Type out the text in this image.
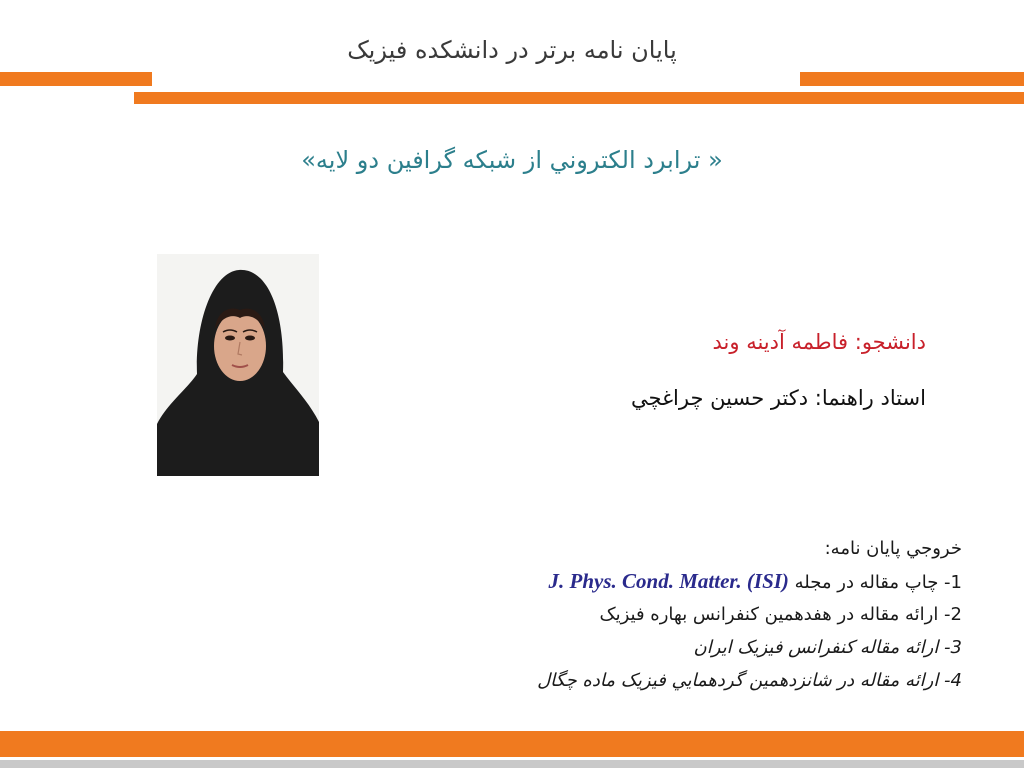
پایان نامه برتر در دانشکده فیزیک
« ترابرد الکتروني از شبکه گرافين دو لايه»
دانشجو: فاطمه آدینه وند
استاد راهنما: دکتر حسین چراغچي
خروجي پایان نامه:
1- چاپ مقاله در مجله J. Phys. Cond. Matter. (ISI)
2- ارائه مقاله در هفدهمین کنفرانس بهاره فیزیک
3- ارائه مقاله کنفرانس فیزیک ایران
4- ارائه مقاله در شانزدهمین گردهمایي فیزیک ماده چگال
